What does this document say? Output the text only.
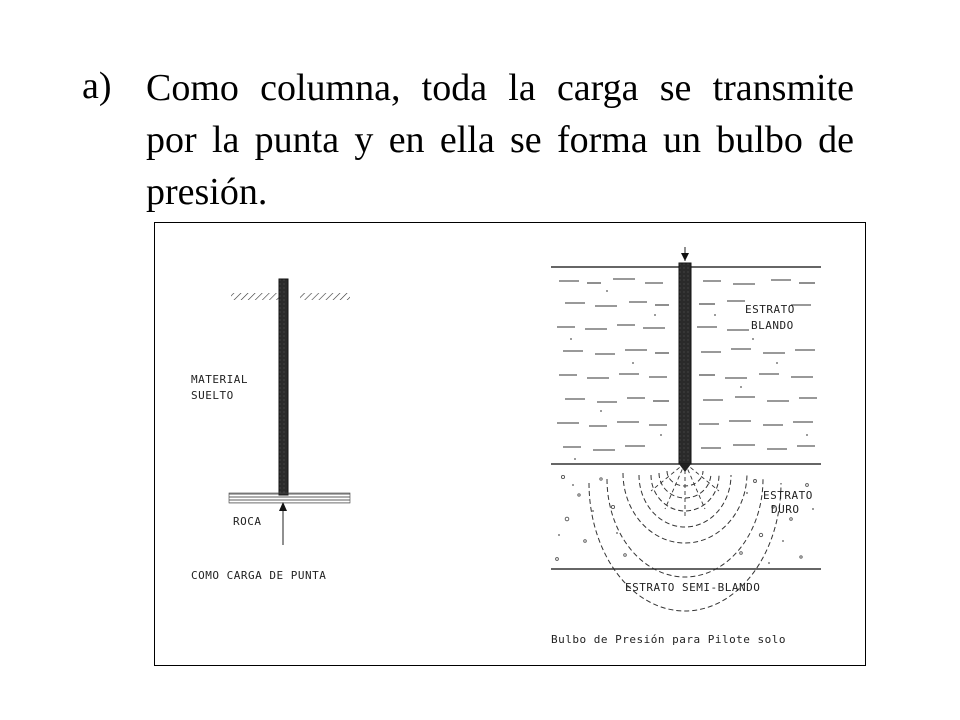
a) Como columna, toda la carga se transmite
por la punta y en ella se forma un bulbo de
presión.
MATERIAL
SUELTO
ROCA
COMO CARGA DE PUNTA
ESTRATO
BLANDO
ESTRATO
DURO
ESTRATO SEMI-BLANDO
Bulbo de Presión para Pilote solo
